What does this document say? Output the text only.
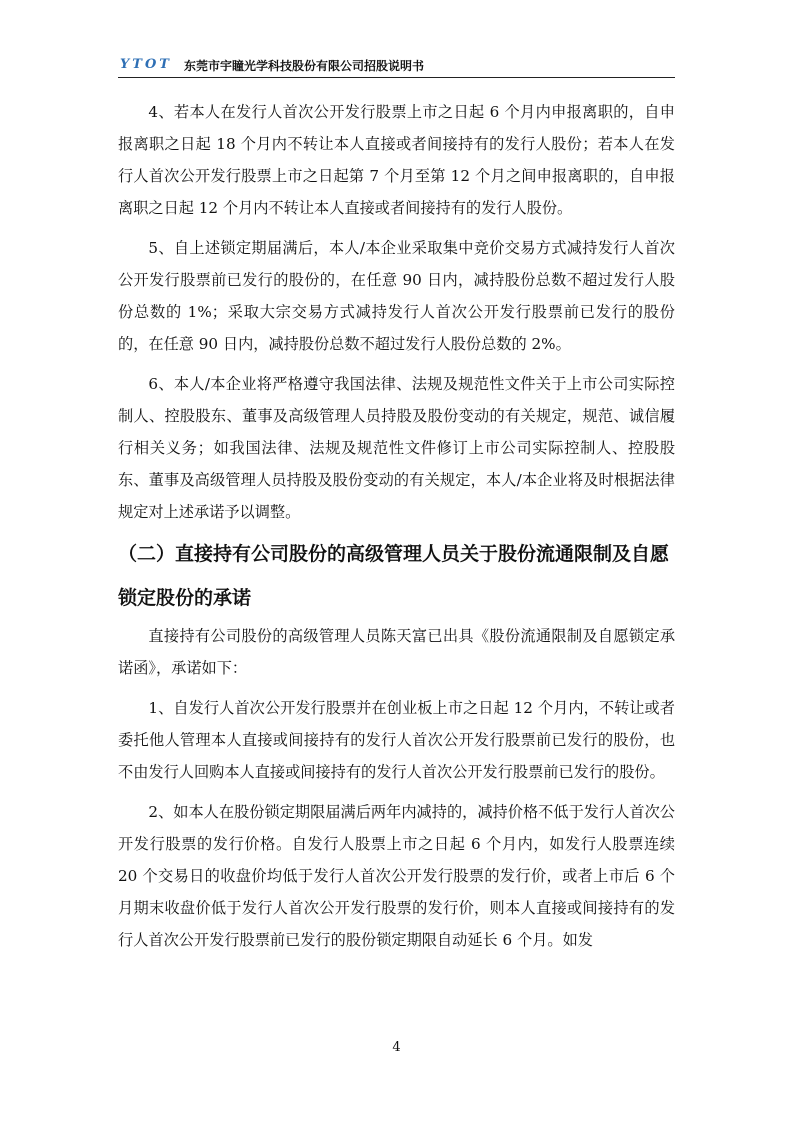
YTOT 东莞市宇瞳光学科技股份有限公司招股说明书

4、若本人在发行人首次公开发行股票上市之日起 6 个月内申报离职的，自申报离职之日起 18 个月内不转让本人直接或者间接持有的发行人股份；若本人在发行人首次公开发行股票上市之日起第 7 个月至第 12 个月之间申报离职的，自申报离职之日起 12 个月内不转让本人直接或者间接持有的发行人股份。

5、自上述锁定期届满后，本人/本企业采取集中竞价交易方式减持发行人首次公开发行股票前已发行的股份的，在任意 90 日内，减持股份总数不超过发行人股份总数的 1%；采取大宗交易方式减持发行人首次公开发行股票前已发行的股份的，在任意 90 日内，减持股份总数不超过发行人股份总数的 2%。

6、本人/本企业将严格遵守我国法律、法规及规范性文件关于上市公司实际控制人、控股股东、董事及高级管理人员持股及股份变动的有关规定，规范、诚信履行相关义务；如我国法律、法规及规范性文件修订上市公司实际控制人、控股股东、董事及高级管理人员持股及股份变动的有关规定，本人/本企业将及时根据法律规定对上述承诺予以调整。

（二）直接持有公司股份的高级管理人员关于股份流通限制及自愿锁定股份的承诺

直接持有公司股份的高级管理人员陈天富已出具《股份流通限制及自愿锁定承诺函》，承诺如下：

1、自发行人首次公开发行股票并在创业板上市之日起 12 个月内，不转让或者委托他人管理本人直接或间接持有的发行人首次公开发行股票前已发行的股份，也不由发行人回购本人直接或间接持有的发行人首次公开发行股票前已发行的股份。

2、如本人在股份锁定期限届满后两年内减持的，减持价格不低于发行人首次公开发行股票的发行价格。自发行人股票上市之日起 6 个月内，如发行人股票连续 20 个交易日的收盘价均低于发行人首次公开发行股票的发行价，或者上市后 6 个月期末收盘价低于发行人首次公开发行股票的发行价，则本人直接或间接持有的发行人首次公开发行股票前已发行的股份锁定期限自动延长 6 个月。如发

4
